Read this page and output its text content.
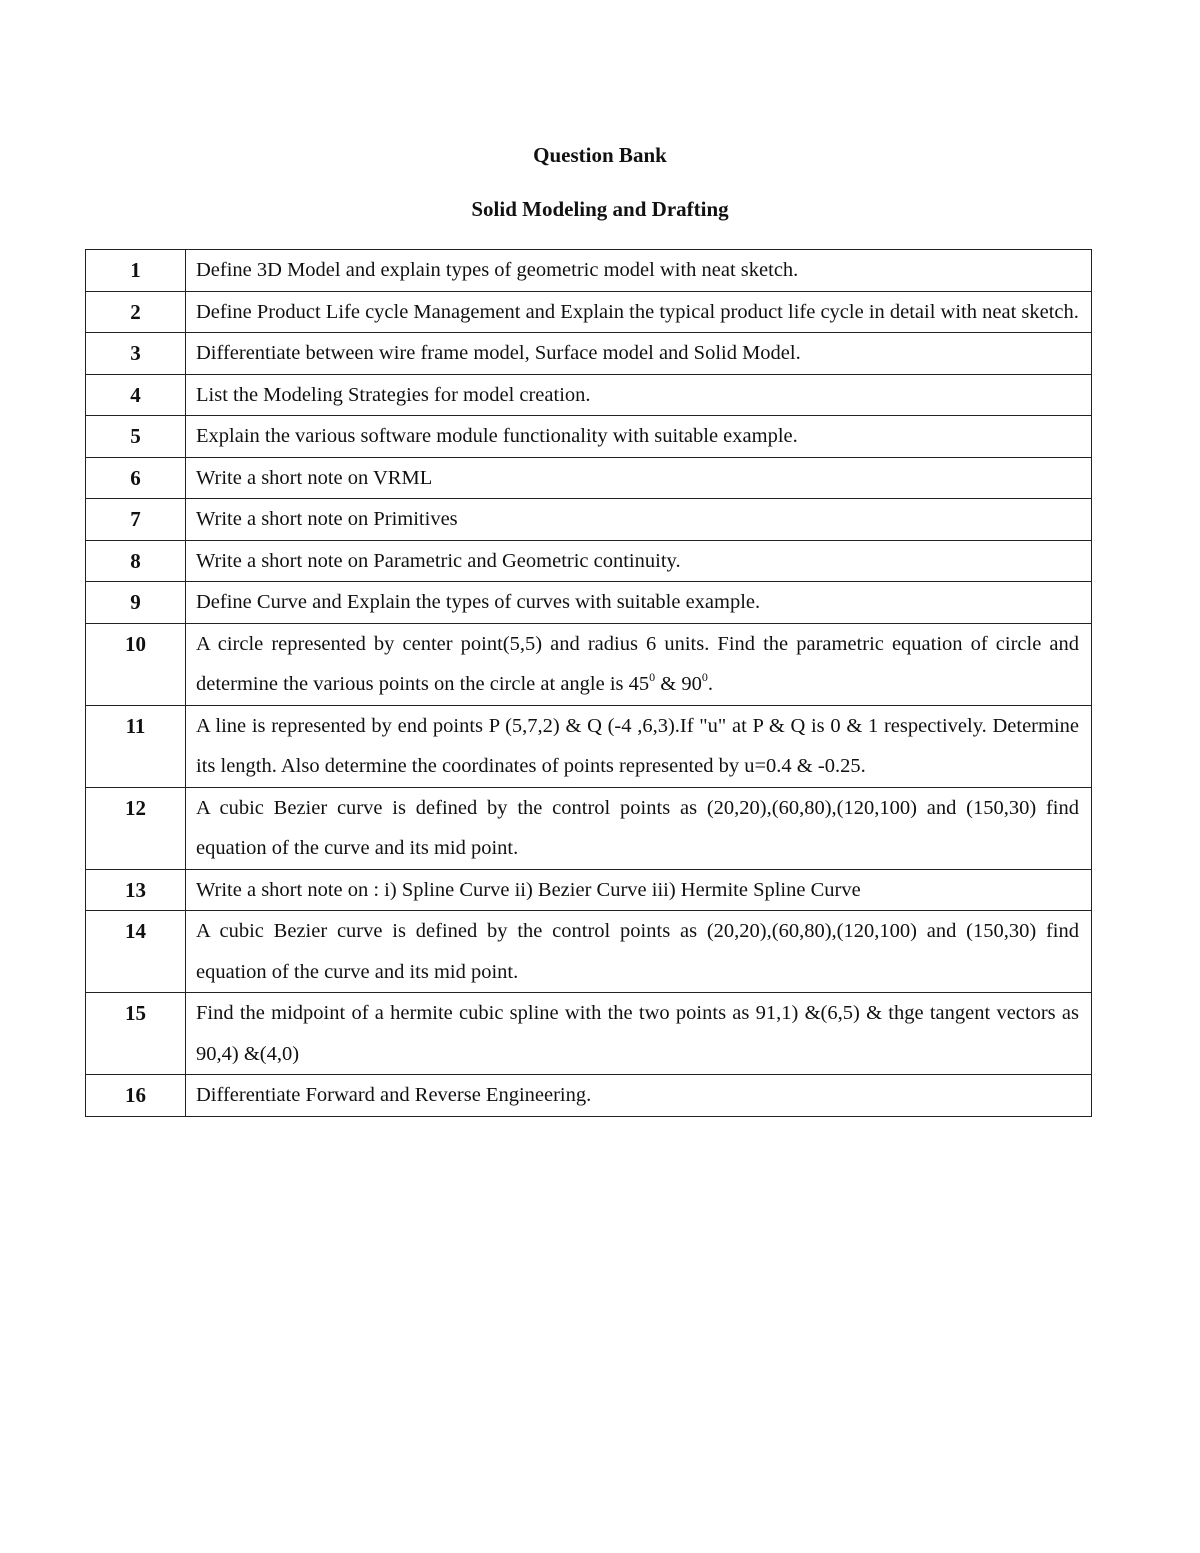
Question Bank
Solid Modeling and Drafting
1	Define 3D Model and explain types of geometric model with neat sketch.
2	Define Product Life cycle Management and Explain the typical product life cycle in detail with neat sketch.
3	Differentiate between wire frame model, Surface model and Solid Model.
4	List the Modeling Strategies for model creation.
5	Explain the various software module functionality with suitable example.
6	Write a short note on VRML
7	Write a short note on Primitives
8	Write a short note on Parametric and Geometric continuity.
9	Define Curve and Explain the types of curves with suitable example.
10	A circle represented by center point(5,5) and radius 6 units. Find the parametric equation of circle and determine the various points on the circle at angle is $45^0$ & $90^0$.
11	A line is represented by end points P (5,7,2) & Q (-4 ,6,3).If "u" at P & Q is 0 & 1 respectively. Determine its length. Also determine the coordinates of points represented by u=0.4 & -0.25.
12	A cubic Bezier curve is defined by the control points as (20,20),(60,80),(120,100) and (150,30) find equation of the curve and its mid point.
13	Write a short note on : i) Spline Curve ii) Bezier Curve iii) Hermite Spline Curve
14	A cubic Bezier curve is defined by the control points as (20,20),(60,80),(120,100) and (150,30) find equation of the curve and its mid point.
15	Find the midpoint of a hermite cubic spline with the two points as 91,1) &(6,5) & thge tangent vectors as 90,4) &(4,0)
16	Differentiate Forward and Reverse Engineering.
